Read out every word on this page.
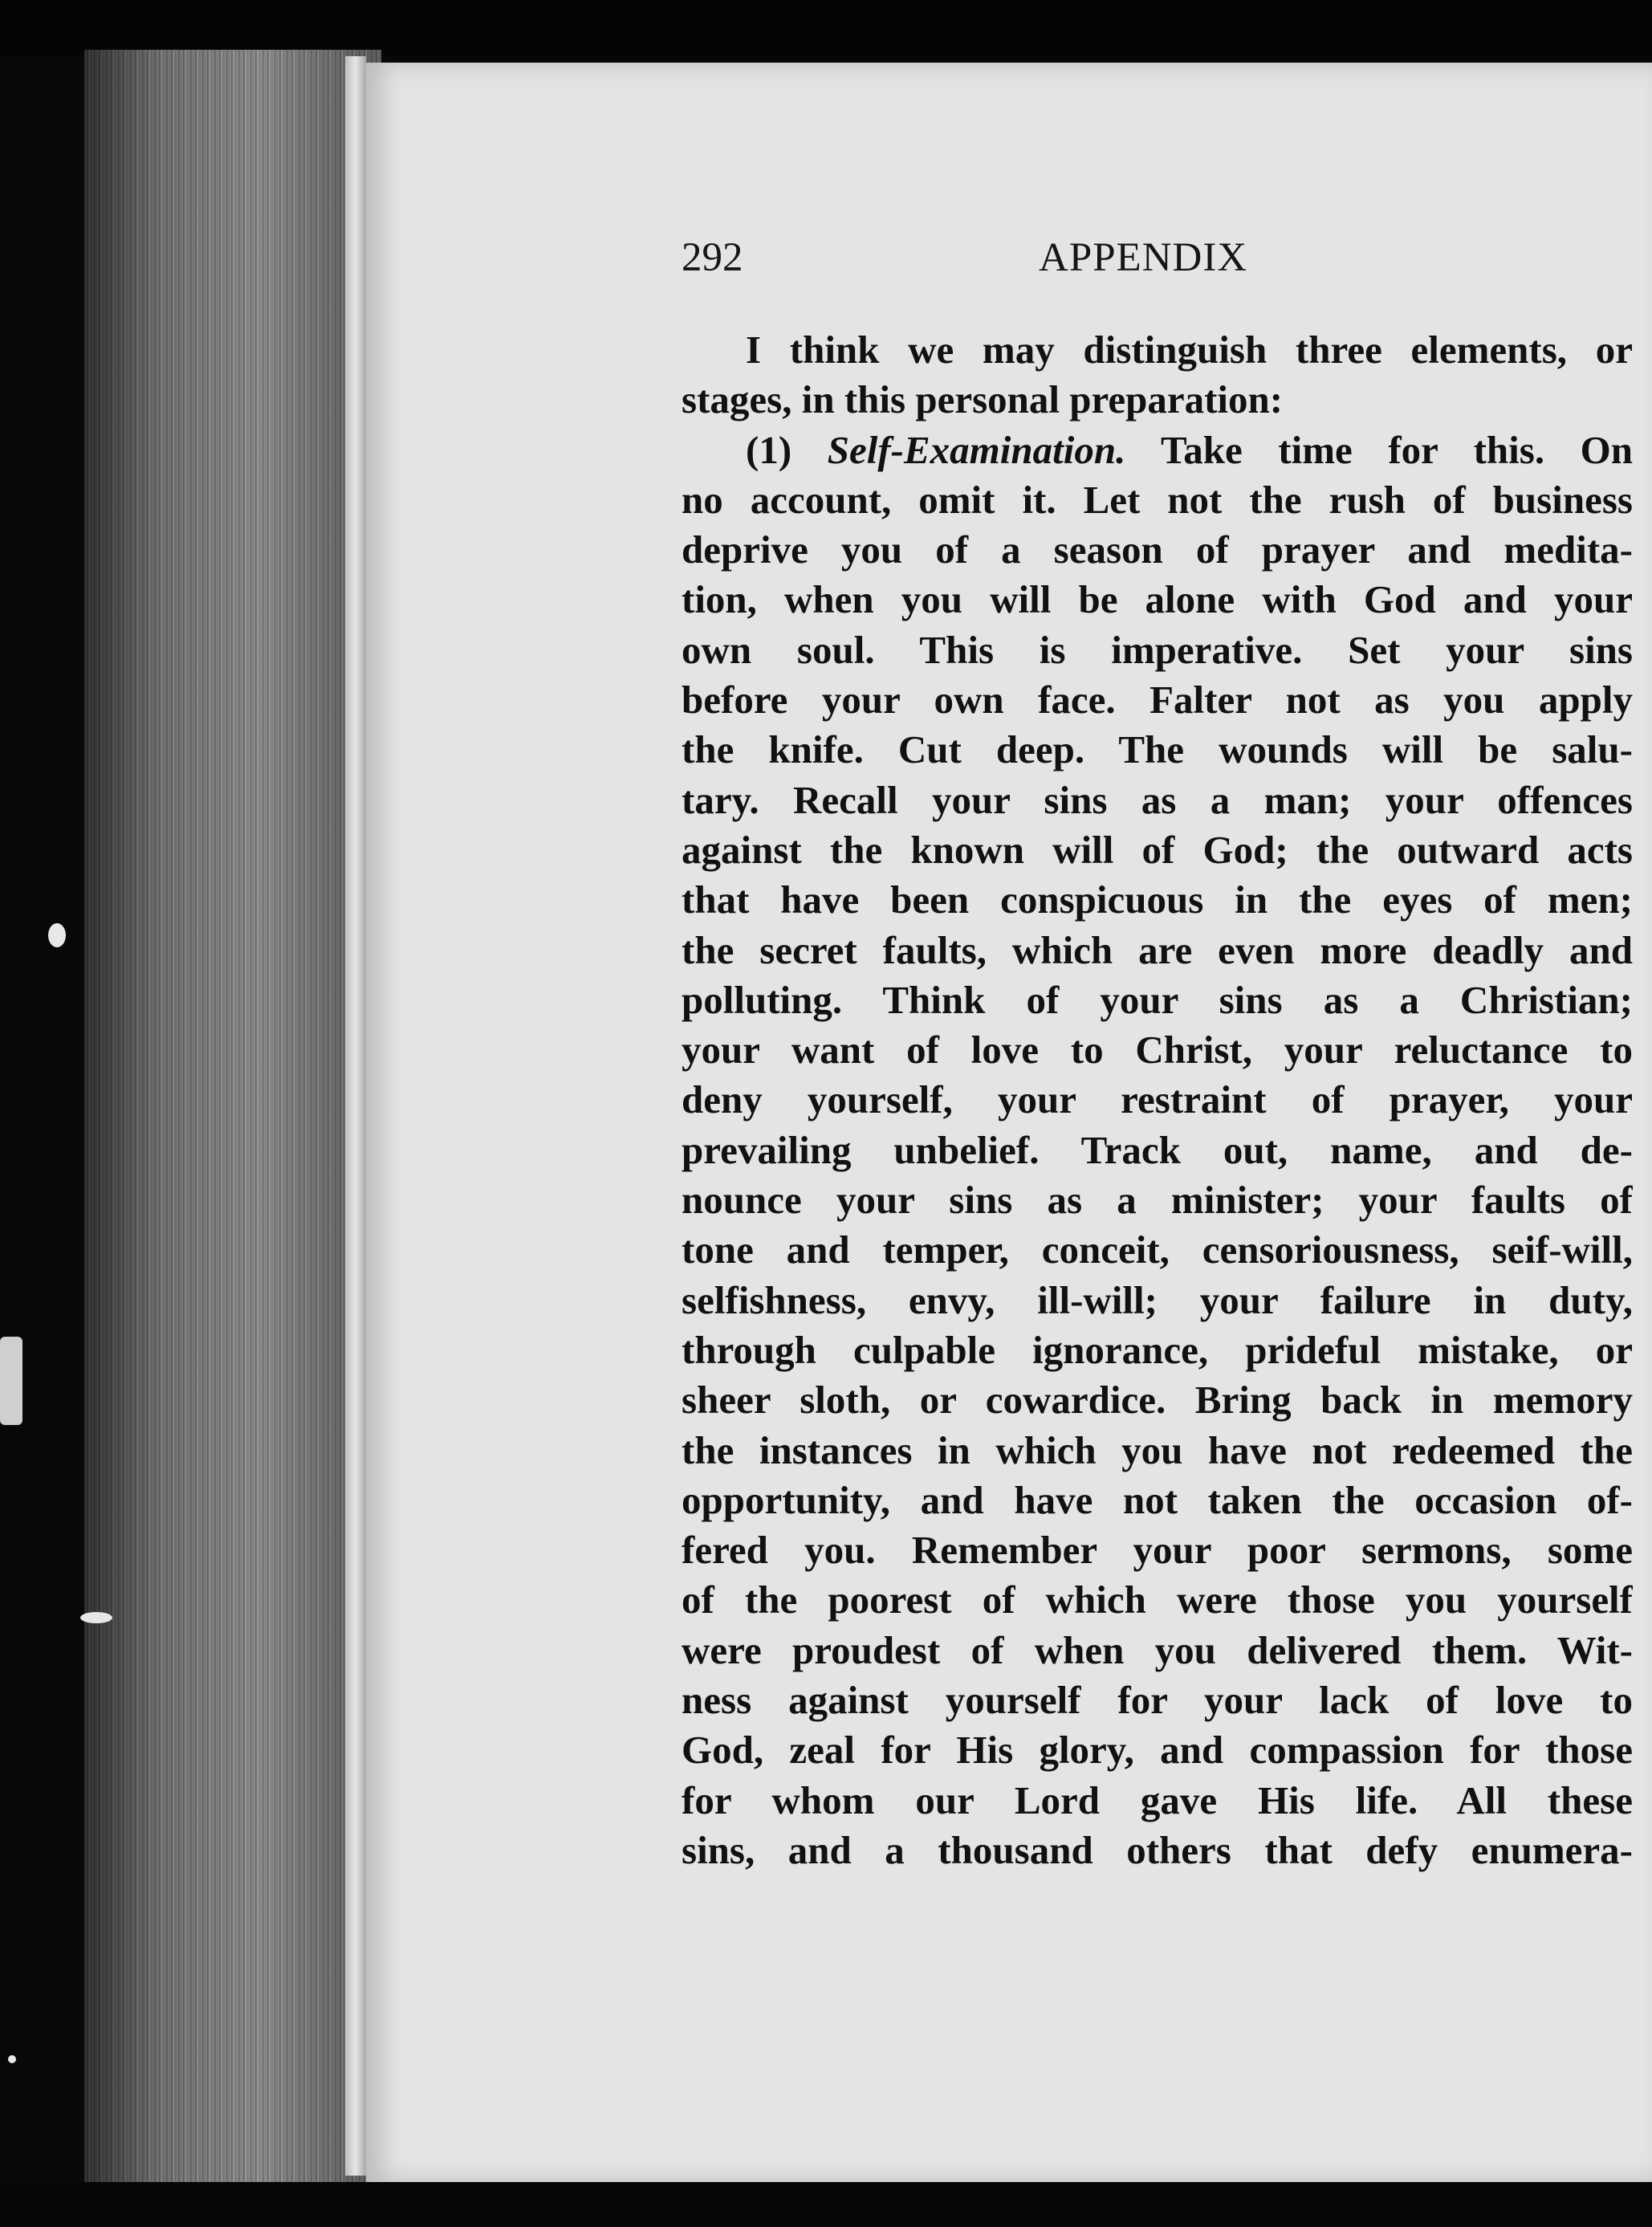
292	APPENDIX
I think we may distinguish three elements, or
stages, in this personal preparation:
(1) Self-Examination. Take time for this. On
no account, omit it. Let not the rush of business
deprive you of a season of prayer and medita-
tion, when you will be alone with God and your
own soul. This is imperative. Set your sins
before your own face. Falter not as you apply
the knife. Cut deep. The wounds will be salu-
tary. Recall your sins as a man; your offences
against the known will of God; the outward acts
that have been conspicuous in the eyes of men;
the secret faults, which are even more deadly and
polluting. Think of your sins as a Christian;
your want of love to Christ, your reluctance to
deny yourself, your restraint of prayer, your
prevailing unbelief. Track out, name, and de-
nounce your sins as a minister; your faults of
tone and temper, conceit, censoriousness, seif-will,
selfishness, envy, ill-will; your failure in duty,
through culpable ignorance, prideful mistake, or
sheer sloth, or cowardice. Bring back in memory
the instances in which you have not redeemed the
opportunity, and have not taken the occasion of-
fered you. Remember your poor sermons, some
of the poorest of which were those you yourself
were proudest of when you delivered them. Wit-
ness against yourself for your lack of love to
God, zeal for His glory, and compassion for those
for whom our Lord gave His life. All these
sins, and a thousand others that defy enumera-
